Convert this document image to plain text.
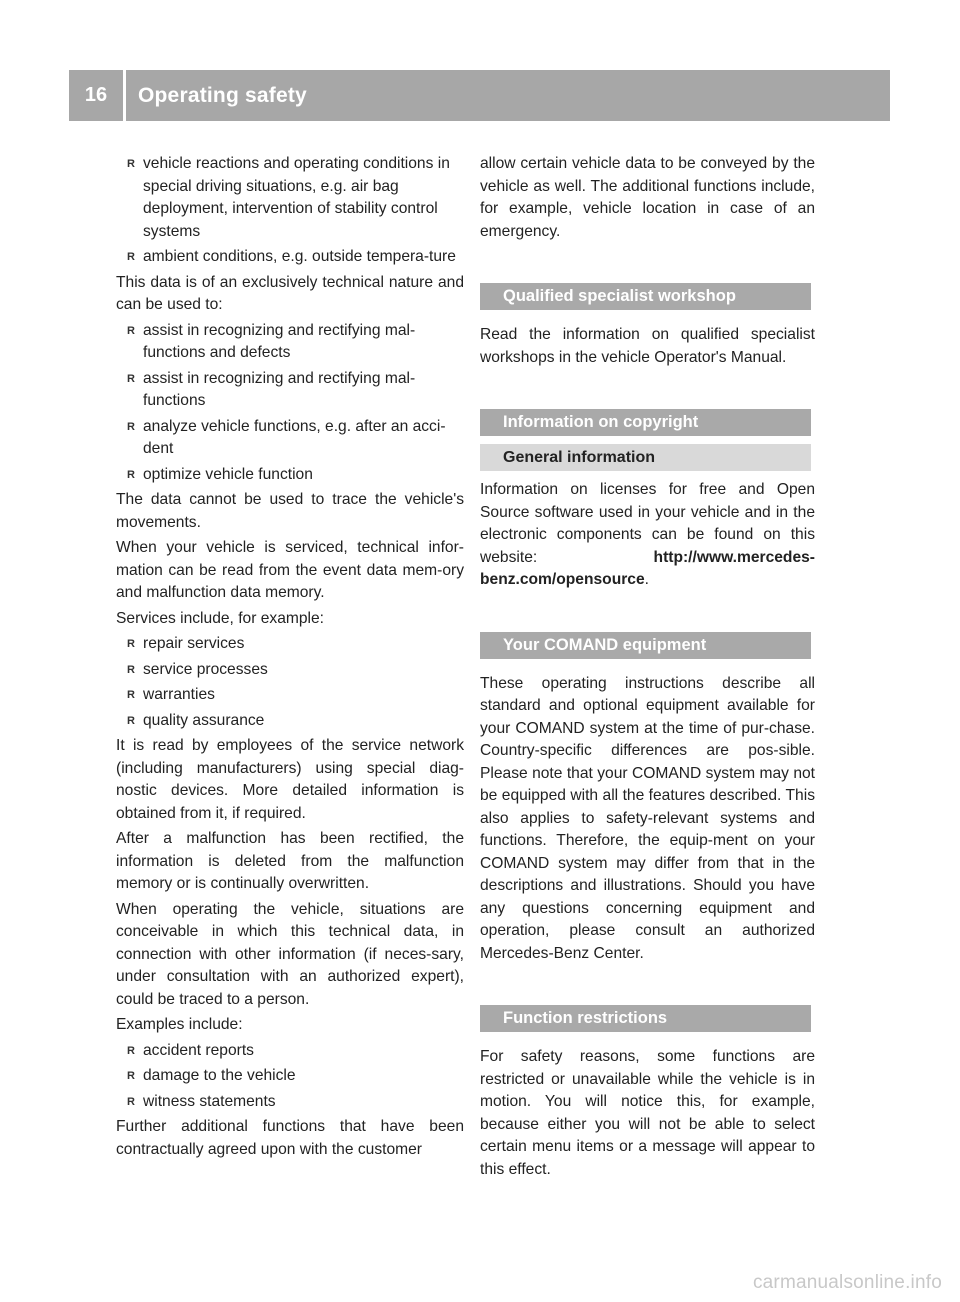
16	Operating safety
R vehicle reactions and operating conditions in special driving situations, e.g. air bag deployment, intervention of stability control systems
R ambient conditions, e.g. outside tempera-ture

This data is of an exclusively technical nature and can be used to:

R assist in recognizing and rectifying mal-functions and defects
R assist in recognizing and rectifying mal-functions
R analyze vehicle functions, e.g. after an acci-dent
R optimize vehicle function

The data cannot be used to trace the vehicle's movements.

When your vehicle is serviced, technical infor-mation can be read from the event data mem-ory and malfunction data memory.

Services include, for example:

R repair services
R service processes
R warranties
R quality assurance

It is read by employees of the service network (including manufacturers) using special diag-nostic devices. More detailed information is obtained from it, if required.

After a malfunction has been rectified, the information is deleted from the malfunction memory or is continually overwritten.

When operating the vehicle, situations are conceivable in which this technical data, in connection with other information (if neces-sary, under consultation with an authorized expert), could be traced to a person.

Examples include:

R accident reports
R damage to the vehicle
R witness statements

Further additional functions that have been contractually agreed upon with the customer

allow certain vehicle data to be conveyed by the vehicle as well. The additional functions include, for example, vehicle location in case of an emergency.

Qualified specialist workshop

Read the information on qualified specialist workshops in the vehicle Operator's Manual.

Information on copyright
General information

Information on licenses for free and Open Source software used in your vehicle and in the electronic components can be found on this website: http://www.mercedes-benz.com/opensource.

Your COMAND equipment

These operating instructions describe all standard and optional equipment available for your COMAND system at the time of pur-chase. Country-specific differences are pos-sible. Please note that your COMAND system may not be equipped with all the features described. This also applies to safety-relevant systems and functions. Therefore, the equip-ment on your COMAND system may differ from that in the descriptions and illustrations. Should you have any questions concerning equipment and operation, please consult an authorized Mercedes-Benz Center.

Function restrictions

For safety reasons, some functions are restricted or unavailable while the vehicle is in motion. You will notice this, for example, because either you will not be able to select certain menu items or a message will appear to this effect.

carmanualsonline.info
